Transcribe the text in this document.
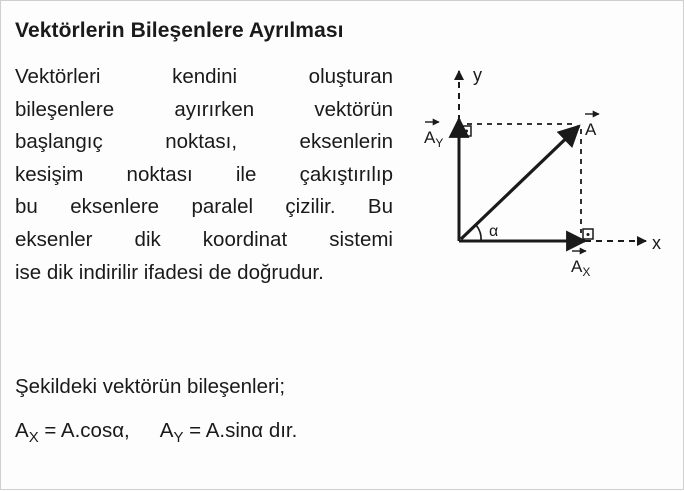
Vektörlerin Bileşenlere Ayrılması
Vektörleri kendini oluşturan
bileşenlere ayırırken vektörün
başlangıç noktası, eksenlerin
kesişim noktası ile çakıştırılıp
bu eksenlere paralel çizilir. Bu
eksenler dik koordinat sistemi
ise dik indirilir ifadesi de doğrudur.
Şekildeki vektörün bileşenleri;
$A_X = A.\cos\alpha$, $A_Y = A.\sin\alpha$ dır.
y
x
α
A
$A_Y$
$A_X$
